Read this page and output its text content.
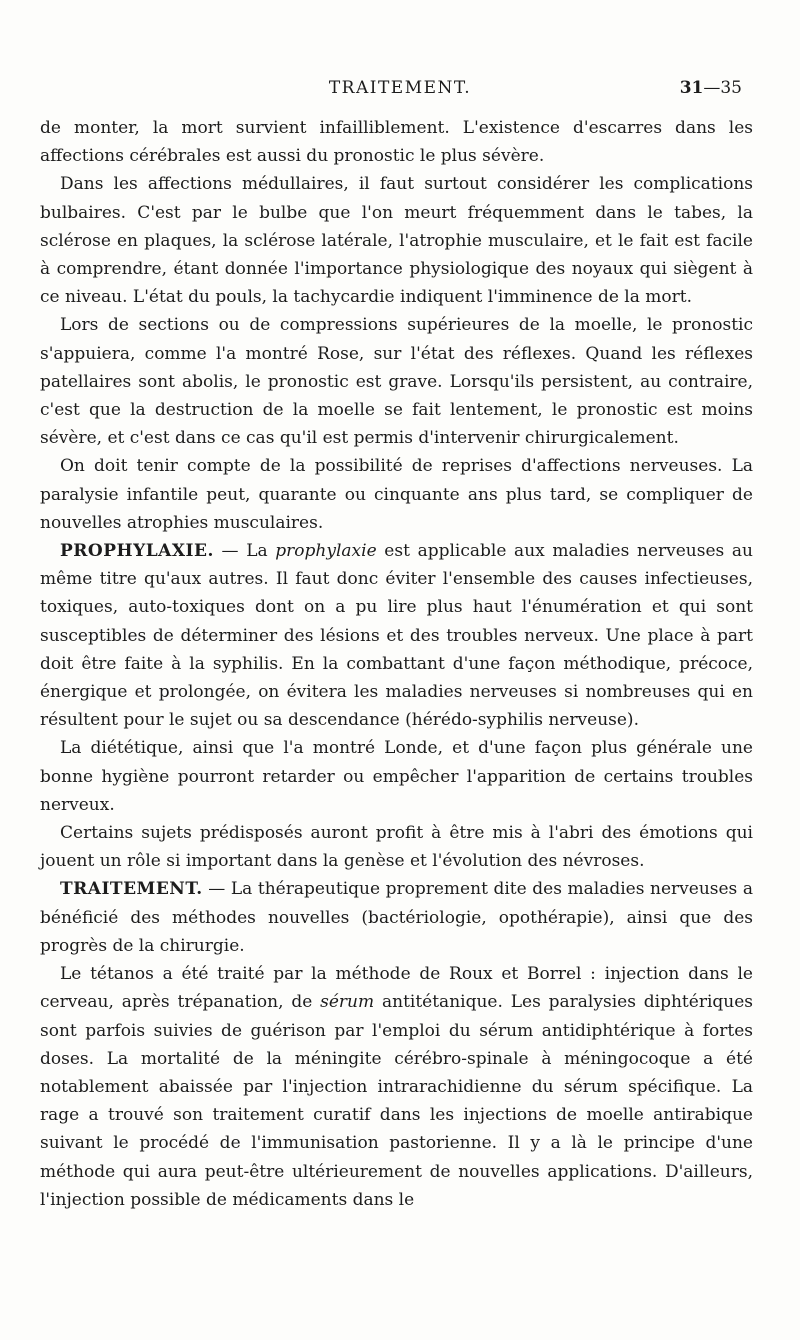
TRAITEMENT.	31—35

de monter, la mort survient infailliblement. L'existence d'escarres dans les affections cérébrales est aussi du pronostic le plus sévère.

Dans les affections médullaires, il faut surtout considérer les complications bulbaires. C'est par le bulbe que l'on meurt fréquemment dans le tabes, la sclérose en plaques, la sclérose latérale, l'atrophie musculaire, et le fait est facile à comprendre, étant donnée l'importance physiologique des noyaux qui siègent à ce niveau. L'état du pouls, la tachycardie indiquent l'imminence de la mort.

Lors de sections ou de compressions supérieures de la moelle, le pronostic s'appuiera, comme l'a montré Rose, sur l'état des réflexes. Quand les réflexes patellaires sont abolis, le pronostic est grave. Lorsqu'ils persistent, au contraire, c'est que la destruction de la moelle se fait lentement, le pronostic est moins sévère, et c'est dans ce cas qu'il est permis d'intervenir chirurgicalement.

On doit tenir compte de la possibilité de reprises d'affections nerveuses. La paralysie infantile peut, quarante ou cinquante ans plus tard, se compliquer de nouvelles atrophies musculaires.

PROPHYLAXIE. — La prophylaxie est applicable aux maladies nerveuses au même titre qu'aux autres. Il faut donc éviter l'ensemble des causes infectieuses, toxiques, auto-toxiques dont on a pu lire plus haut l'énumération et qui sont susceptibles de déterminer des lésions et des troubles nerveux. Une place à part doit être faite à la syphilis. En la combattant d'une façon méthodique, précoce, énergique et prolongée, on évitera les maladies nerveuses si nombreuses qui en résultent pour le sujet ou sa descendance (hérédo-syphilis nerveuse).

La diététique, ainsi que l'a montré Londe, et d'une façon plus générale une bonne hygiène pourront retarder ou empêcher l'apparition de certains troubles nerveux.

Certains sujets prédisposés auront profit à être mis à l'abri des émotions qui jouent un rôle si important dans la genèse et l'évolution des névroses.

TRAITEMENT. — La thérapeutique proprement dite des maladies nerveuses a bénéficié des méthodes nouvelles (bactériologie, opothérapie), ainsi que des progrès de la chirurgie.

Le tétanos a été traité par la méthode de Roux et Borrel : injection dans le cerveau, après trépanation, de sérum antitétanique. Les paralysies diphtériques sont parfois suivies de guérison par l'emploi du sérum antidiphtérique à fortes doses. La mortalité de la méningite cérébro-spinale à méningocoque a été notablement abaissée par l'injection intrarachidienne du sérum spécifique. La rage a trouvé son traitement curatif dans les injections de moelle antirabique suivant le procédé de l'immunisation pastorienne. Il y a là le principe d'une méthode qui aura peut-être ultérieurement de nouvelles applications. D'ailleurs, l'injection possible de médicaments dans le
